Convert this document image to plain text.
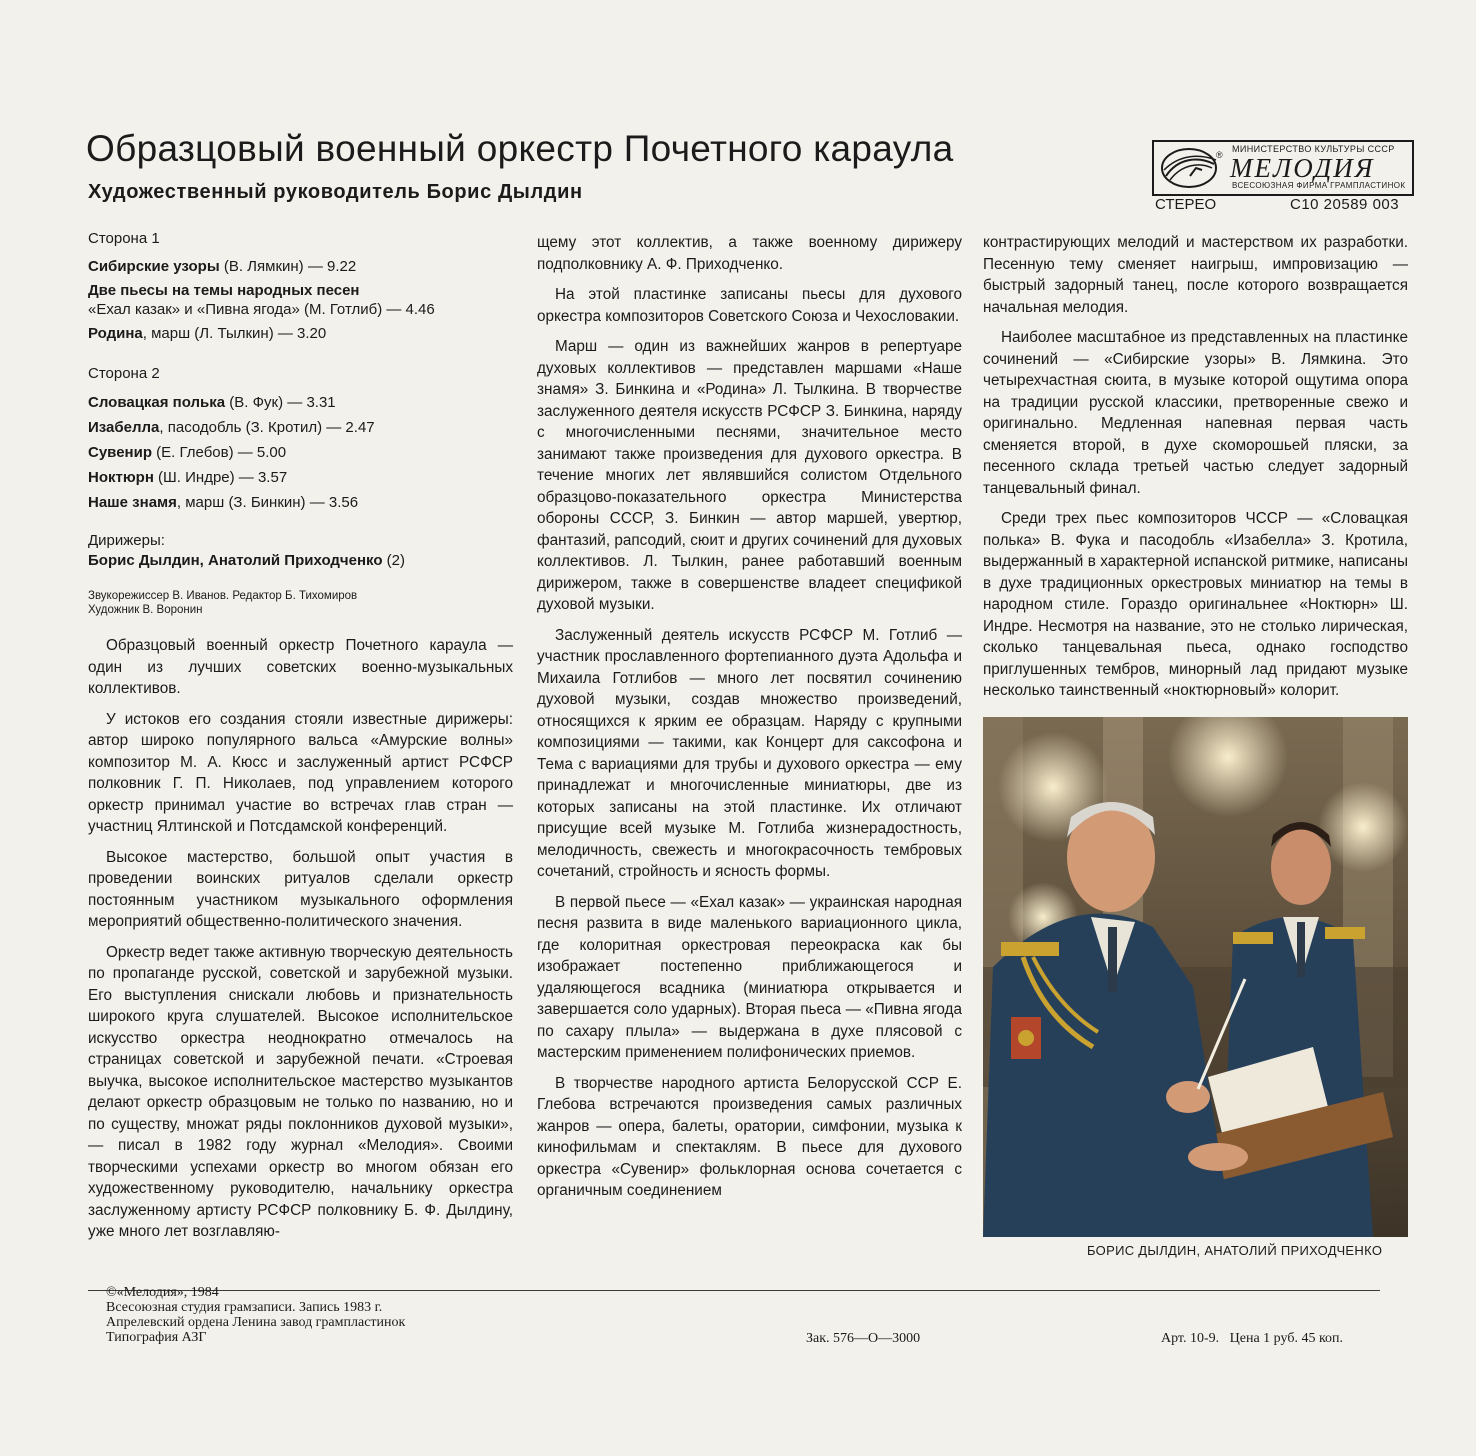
Образцовый военный оркестр Почетного караула
Художественный руководитель Борис Дылдин
®
МИНИСТЕРСТВО КУЛЬТУРЫ СССР
МЕЛОДИЯ
ВСЕСОЮЗНАЯ ФИРМА ГРАМПЛАСТИНОК
СТЕРЕО	С10 20589 003
Сторона 1
Сибирские узоры (В. Лямкин) — 9.22
Две пьесы на темы народных песен
«Ехал казак» и «Пивна ягода» (М. Готлиб) — 4.46
Родина, марш (Л. Тылкин) — 3.20
Сторона 2
Словацкая полька (В. Фук) — 3.31
Изабелла, пасодобль (З. Кротил) — 2.47
Сувенир (Е. Глебов) — 5.00
Ноктюрн (Ш. Индре) — 3.57
Наше знамя, марш (З. Бинкин) — 3.56
Дирижеры:
Борис Дылдин, Анатолий Приходченко (2)
Звукорежиссер В. Иванов. Редактор Б. Тихомиров
Художник В. Воронин

Образцовый военный оркестр Почетного караула — один из лучших советских военно-музыкальных коллективов.

У истоков его создания стояли известные дирижеры: автор широко популярного вальса «Амурские волны» композитор М. А. Кюсс и заслуженный артист РСФСР полковник Г. П. Николаев, под управлением которого оркестр принимал участие во встречах глав стран — участниц Ялтинской и Потсдамской конференций.

Высокое мастерство, большой опыт участия в проведении воинских ритуалов сделали оркестр постоянным участником музыкального оформления мероприятий общественно-политического значения.

Оркестр ведет также активную творческую деятельность по пропаганде русской, советской и зарубежной музыки. Его выступления снискали любовь и признательность широкого круга слушателей. Высокое исполнительское искусство оркестра неоднократно отмечалось на страницах советской и зарубежной печати. «Строевая выучка, высокое исполнительское мастерство музыкантов делают оркестр образцовым не только по названию, но и по существу, множат ряды поклонников духовой музыки», — писал в 1982 году журнал «Мелодия». Своими творческими успехами оркестр во многом обязан его художественному руководителю, начальнику оркестра заслуженному артисту РСФСР полковнику Б. Ф. Дылдину, уже много лет возглавляю-

щему этот коллектив, а также военному дирижеру подполковнику А. Ф. Приходченко.

На этой пластинке записаны пьесы для духового оркестра композиторов Советского Союза и Чехословакии.

Марш — один из важнейших жанров в репертуаре духовых коллективов — представлен маршами «Наше знамя» З. Бинкина и «Родина» Л. Тылкина. В творчестве заслуженного деятеля искусств РСФСР З. Бинкина, наряду с многочисленными песнями, значительное место занимают также произведения для духового оркестра. В течение многих лет являвшийся солистом Отдельного образцово-показательного оркестра Министерства обороны СССР, З. Бинкин — автор маршей, увертюр, фантазий, рапсодий, сюит и других сочинений для духовых коллективов. Л. Тылкин, ранее работавший военным дирижером, также в совершенстве владеет спецификой духовой музыки.

Заслуженный деятель искусств РСФСР М. Готлиб — участник прославленного фортепианного дуэта Адольфа и Михаила Готлибов — много лет посвятил сочинению духовой музыки, создав множество произведений, относящихся к ярким ее образцам. Наряду с крупными композициями — такими, как Концерт для саксофона и Тема с вариациями для трубы и духового оркестра — ему принадлежат и многочисленные миниатюры, две из которых записаны на этой пластинке. Их отличают присущие всей музыке М. Готлиба жизнерадостность, мелодичность, свежесть и многокрасочность тембровых сочетаний, стройность и ясность формы.

В первой пьесе — «Ехал казак» — украинская народная песня развита в виде маленького вариационного цикла, где колоритная оркестровая переокраска как бы изображает постепенно приближающегося и удаляющегося всадника (миниатюра открывается и завершается соло ударных). Вторая пьеса — «Пивна ягода по сахару плыла» — выдержана в духе плясовой с мастерским применением полифонических приемов.

В творчестве народного артиста Белорусской ССР Е. Глебова встречаются произведения самых различных жанров — опера, балеты, оратории, симфонии, музыка к кинофильмам и спектаклям. В пьесе для духового оркестра «Сувенир» фольклорная основа сочетается с органичным соединением

контрастирующих мелодий и мастерством их разработки. Песенную тему сменяет наигрыш, импровизацию — быстрый задорный танец, после которого возвращается начальная мелодия.

Наиболее масштабное из представленных на пластинке сочинений — «Сибирские узоры» В. Лямкина. Это четырехчастная сюита, в музыке которой ощутима опора на традиции русской классики, претворенные свежо и оригинально. Медленная напевная первая часть сменяется второй, в духе скоморошьей пляски, за песенного склада третьей частью следует задорный танцевальный финал.

Среди трех пьес композиторов ЧССР — «Словацкая полька» В. Фука и пасодобль «Изабелла» З. Кротила, выдержанный в характерной испанской ритмике, написаны в духе традиционных оркестровых миниатюр на темы в народном стиле. Гораздо оригинальнее «Ноктюрн» Ш. Индре. Несмотря на название, это не столько лирическая, сколько танцевальная пьеса, однако господство приглушенных тембров, минорный лад придают музыке несколько таинственный «ноктюрновый» колорит.

БОРИС ДЫЛДИН, АНАТОЛИЙ ПРИХОДЧЕНКО
©«Мелодия», 1984
Всесоюзная студия грамзаписи. Запись 1983 г.
Апрелевский ордена Ленина завод грампластинок
Типография АЗГ	Зак. 576—О—3000	Арт. 10-9.   Цена 1 руб. 45 коп.
